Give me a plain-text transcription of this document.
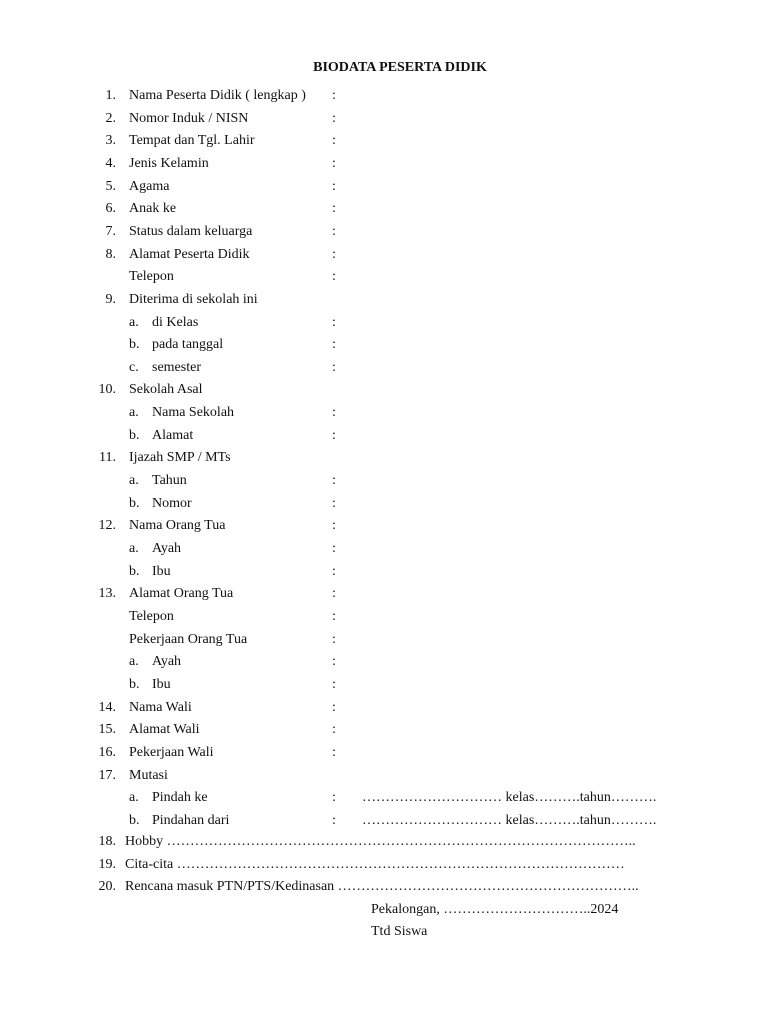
BIODATA PESERTA DIDIK
1. Nama Peserta Didik ( lengkap ) :
2. Nomor Induk / NISN	:
3. Tempat dan Tgl. Lahir	:
4. Jenis Kelamin	:
5. Agama	:
6. Anak ke	:
7. Status dalam keluarga	:
8. Alamat Peserta Didik	:
Telepon	:
9. Diterima di sekolah ini
a. di Kelas	:
b. pada tanggal	:
c. semester	:
10. Sekolah Asal
a. Nama Sekolah	:
b. Alamat	:
11. Ijazah SMP / MTs
a. Tahun	:
b. Nomor	:
12. Nama Orang Tua	:
a. Ayah	:
b. Ibu	:
13. Alamat Orang Tua	:
Telepon	:
Pekerjaan Orang Tua	:
a. Ayah	:
b. Ibu	:
14. Nama Wali	:
15. Alamat Wali	:
16. Pekerjaan Wali	:
17. Mutasi
a. Pindah ke	: ………………………… kelas……….tahun……….
b. Pindahan dari	: ………………………… kelas……….tahun……….
18. Hobby ………………………………………………………………………………………..
19. Cita-cita ……………………………………………………………………………………
20. Rencana masuk PTN/PTS/Kedinasan ………………………………………………………..
Pekalongan, …………………………..2024
Ttd Siswa
